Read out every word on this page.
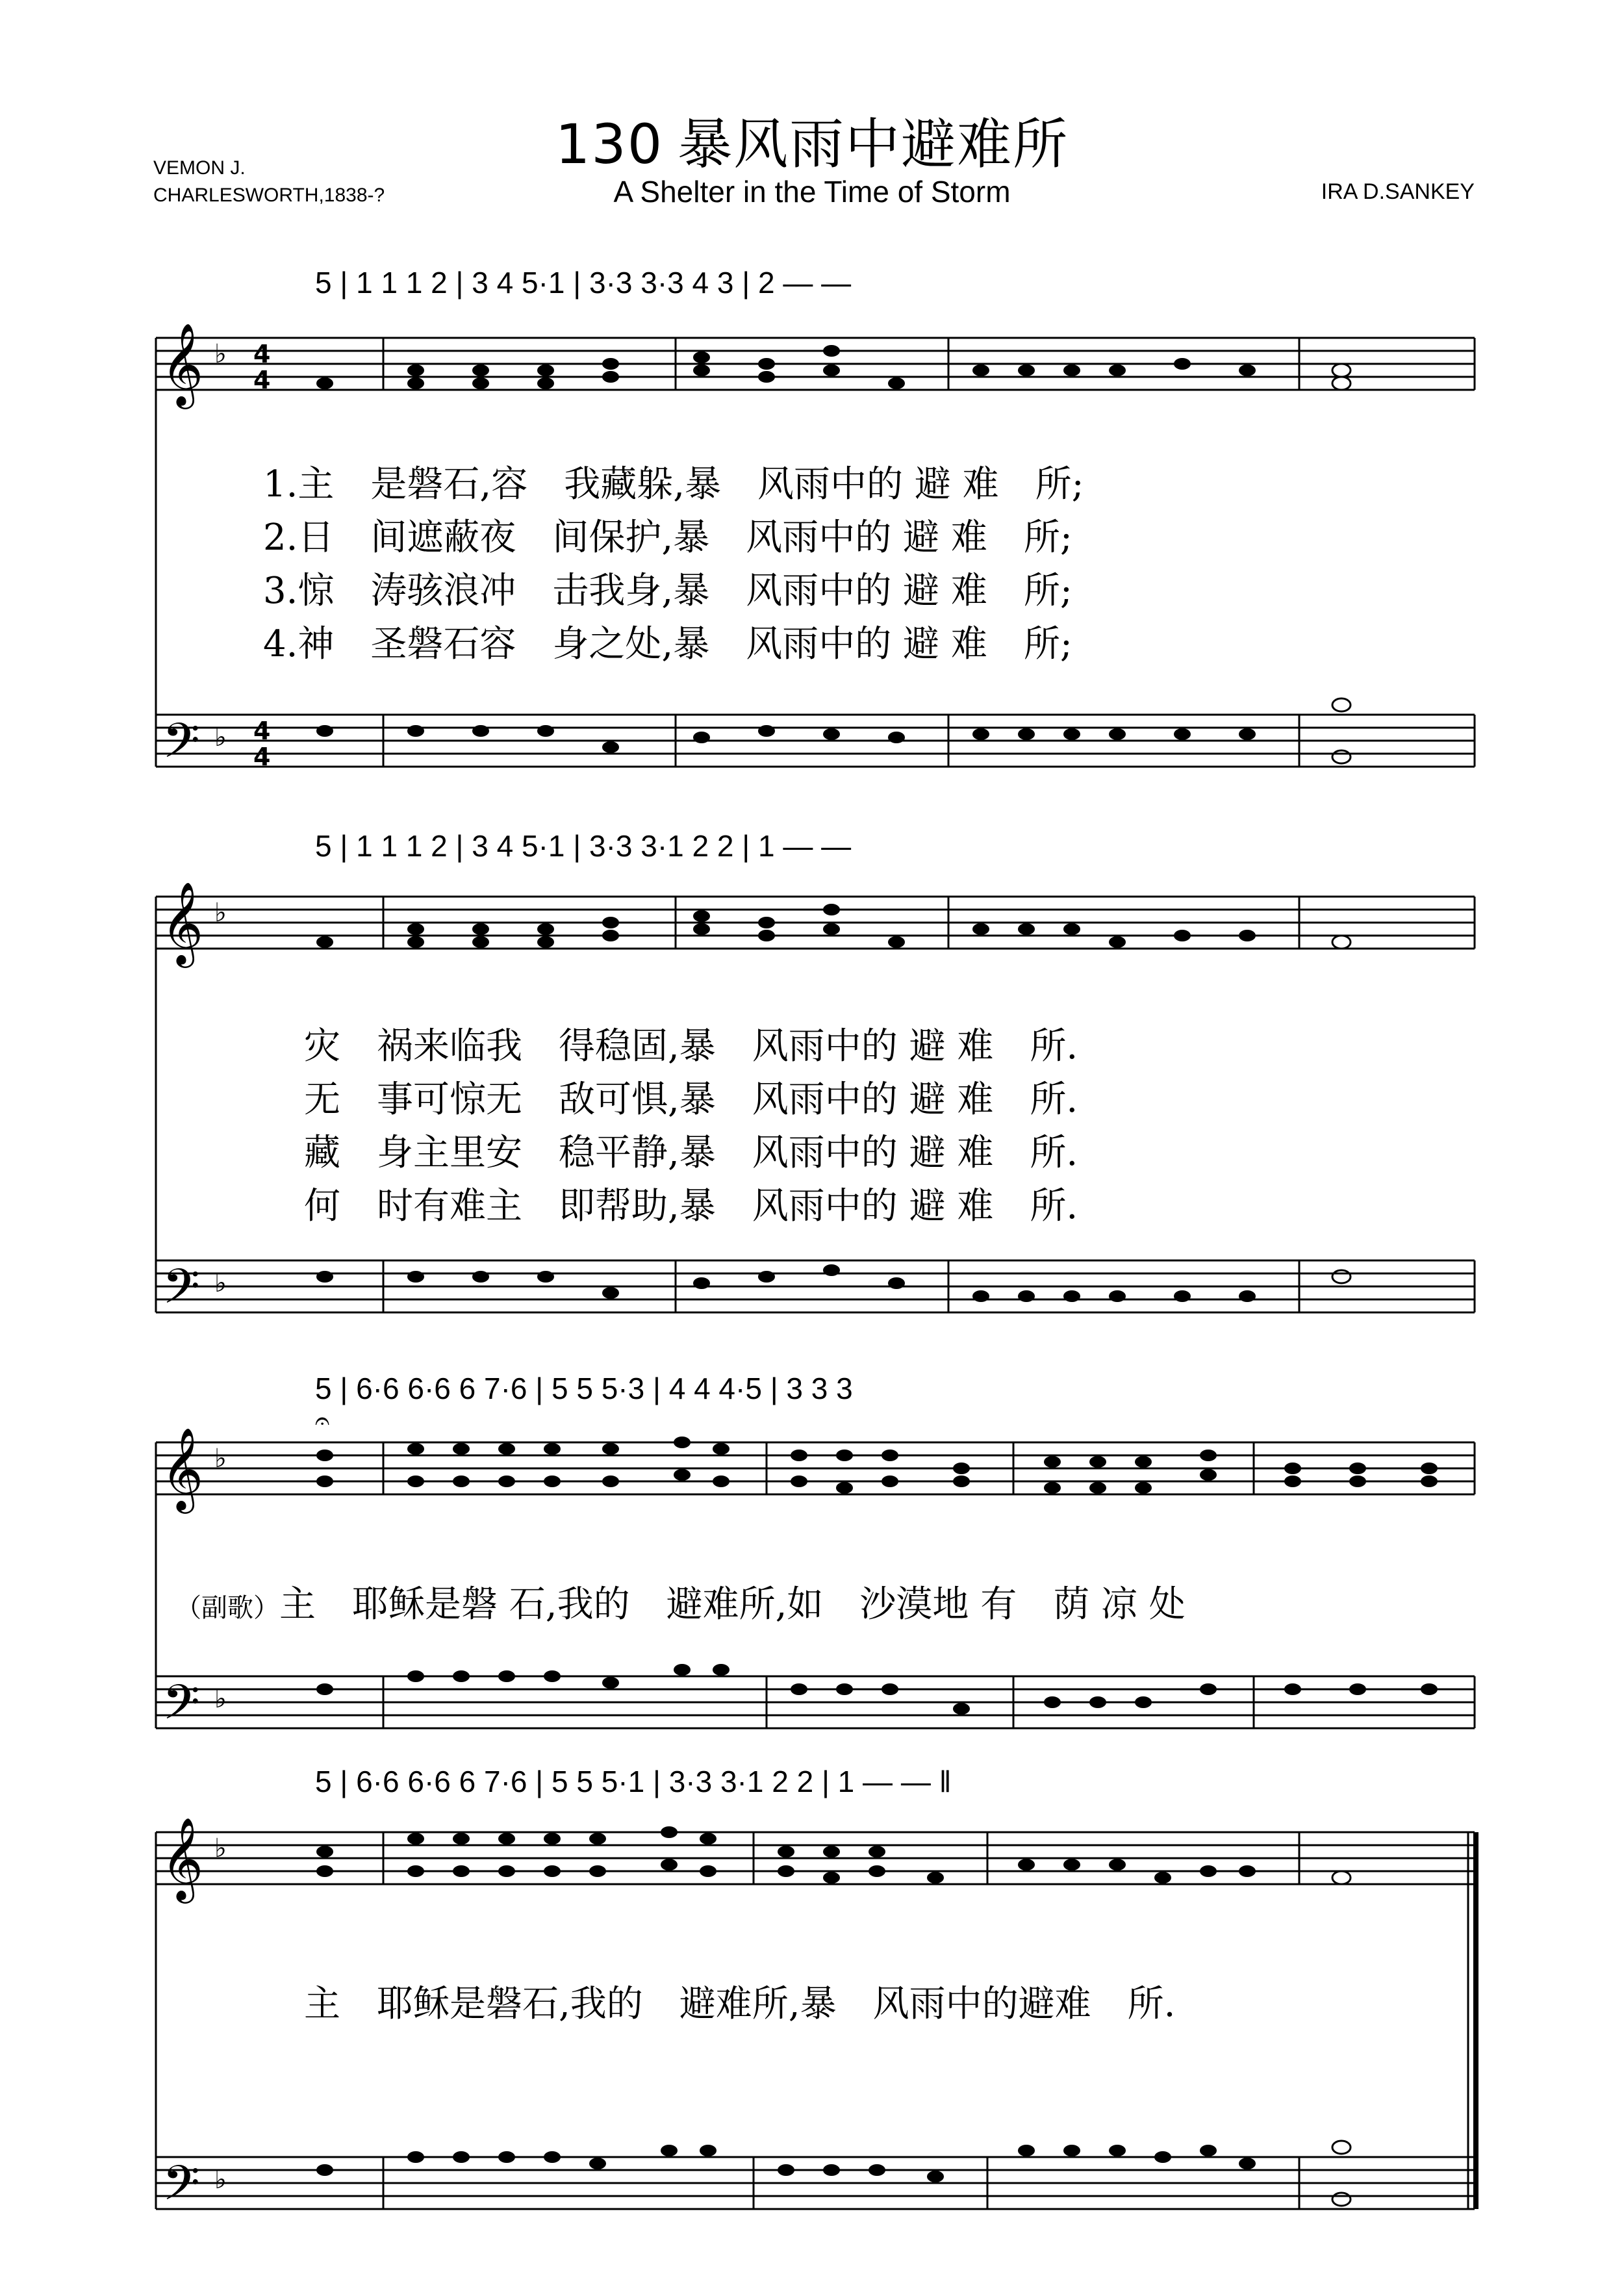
130 暴风雨中避难所
A Shelter in the Time of Storm
VEMON J.
CHARLESWORTH,1838-?	IRA D.SANKEY
5 | 1 1 1 2 | 3 4 5·1 | 3·3 3·3 4 3 | 2 — —
𝄞
𝄢
♭
♭
4
4
4
4
1.主　是磐石,容　我藏躲,暴　风雨中的 避 难　所;
2.日　间遮蔽夜　间保护,暴　风雨中的 避 难　所;
3.惊　涛骇浪冲　击我身,暴　风雨中的 避 难　所;
4.神　圣磐石容　身之处,暴　风雨中的 避 难　所;
5 | 1 1 1 2 | 3 4 5·1 | 3·3 3·1 2 2 | 1 — —
𝄞
𝄢
♭
♭
灾　祸来临我　得稳固,暴　风雨中的 避 难　所.
无　事可惊无　敌可惧,暴　风雨中的 避 难　所.
藏　身主里安　稳平静,暴　风雨中的 避 难　所.
何　时有难主　即帮助,暴　风雨中的 避 难　所.
5 | 6·6 6·6 6 7·6 | 5 5 5·3 | 4 4 4·5 | 3 3 3
𝄞
𝄢
♭
♭
𝄐
（副歌）主　耶稣是磐 石,我的　避难所,如　沙漠地 有　荫 凉 处
5 | 6·6 6·6 6 7·6 | 5 5 5·1 | 3·3 3·1 2 2 | 1 — — ‖
𝄞
𝄢
♭
♭
主　耶稣是磐石,我的　避难所,暴　风雨中的避难　所.
